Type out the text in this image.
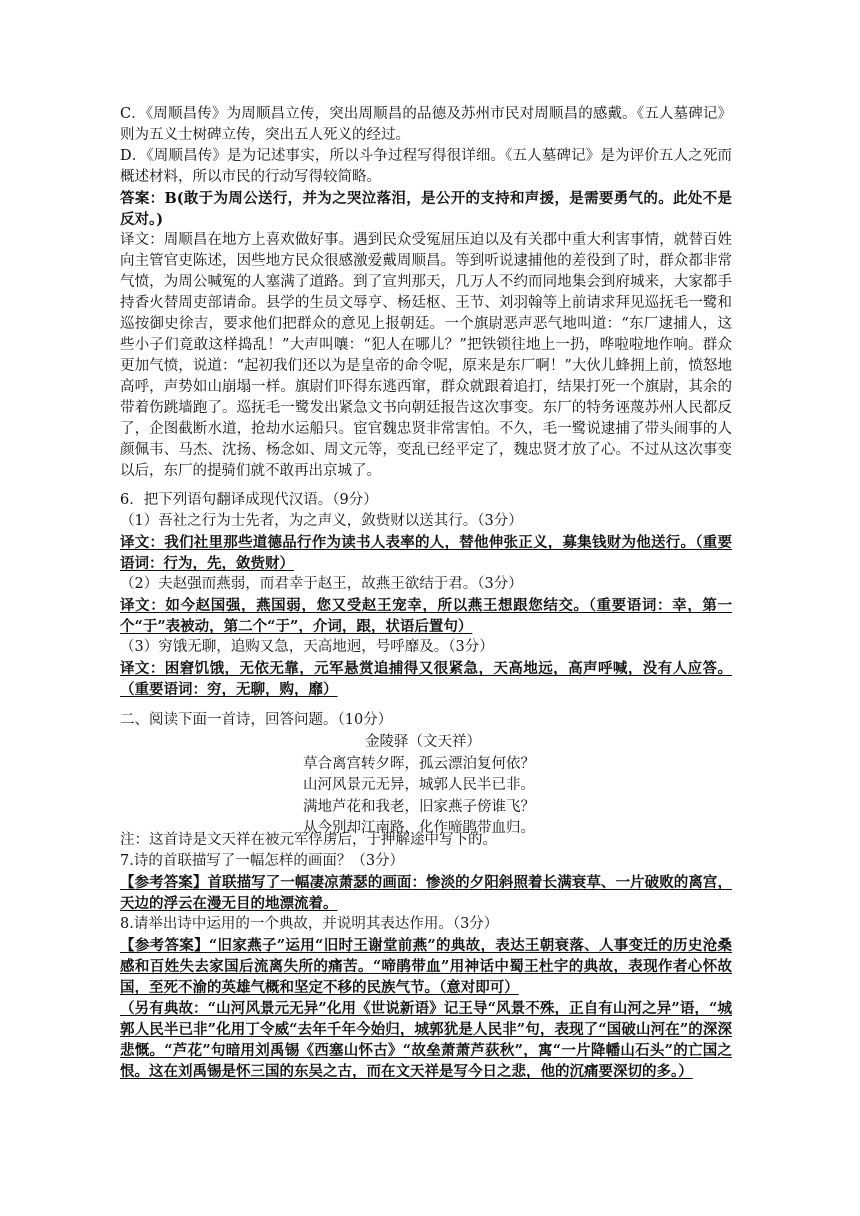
C．《周顺昌传》为周顺昌立传，突出周顺昌的品德及苏州市民对周顺昌的感戴。《五人墓碑记》则为五义士树碑立传，突出五人死义的经过。

D．《周顺昌传》是为记述事实，所以斗争过程写得很详细。《五人墓碑记》是为评价五人之死而概述材料，所以市民的行动写得较简略。

答案：B(敢于为周公送行，并为之哭泣落泪，是公开的支持和声援，是需要勇气的。此处不是反对。)

译文：周顺昌在地方上喜欢做好事。遇到民众受冤屈压迫以及有关郡中重大利害事情，就替百姓向主管官吏陈述，因些地方民众很感激爱戴周顺昌。等到听说逮捕他的差役到了时，群众都非常气愤，为周公喊冤的人塞满了道路。到了宣判那天，几万人不约而同地集会到府城来，大家都手持香火替周吏部请命。县学的生员文辱亨、杨廷枢、王节、刘羽翰等上前请求拜见巡抚毛一鹭和巡按御史徐吉，要求他们把群众的意见上报朝廷。一个旗尉恶声恶气地叫道：“东厂逮捕人，这些小子们竟敢这样捣乱！”大声叫嚷：“犯人在哪儿？”把铁锁往地上一扔，哗啦啦地作响。群众更加气愤，说道：“起初我们还以为是皇帝的命令呢，原来是东厂啊！”大伙儿蜂拥上前，愤怒地高呼，声势如山崩塌一样。旗尉们吓得东逃西窜，群众就跟着追打，结果打死一个旗尉，其余的带着伤跳墙跑了。巡抚毛一鹭发出紧急文书向朝廷报告这次事变。东厂的特务诬蔑苏州人民都反了，企图截断水道，抢劫水运船只。宦官魏忠贤非常害怕。不久，毛一鹭说逮捕了带头闹事的人颜佩韦、马杰、沈扬、杨念如、周文元等，变乱已经平定了，魏忠贤才放了心。不过从这次事变以后，东厂的提骑们就不敢再出京城了。

6．把下列语句翻译成现代汉语。（9分）

（1）吾社之行为士先者，为之声义，敛赀财以送其行。（3分）

译文：我们社里那些道德品行作为读书人表率的人，替他伸张正义，募集钱财为他送行。（重要语词：行为，先，敛赀财）

（2）夫赵强而燕弱，而君幸于赵王，故燕王欲结于君。（3分）

译文：如今赵国强，燕国弱，您又受赵王宠幸，所以燕王想跟您结交。（重要语词：幸，第一个“于”表被动，第二个“于”，介词，跟，状语后置句）

（3）穷饿无聊，追购又急，天高地迥，号呼靡及。（3分）

译文：困窘饥饿，无依无靠，元军悬赏追捕得又很紧急，天高地远，高声呼喊，没有人应答。（重要语词：穷，无聊，购，靡）

二、阅读下面一首诗，回答问题。（10分）

金陵驿（文天祥）

草合离宫转夕晖，孤云漂泊复何依？

山河风景元无异，城郭人民半已非。

满地芦花和我老，旧家燕子傍谁飞？

从今别却江南路，化作啼鹃带血归。

注：这首诗是文天祥在被元军俘虏后，于押解途中写下的。

7.诗的首联描写了一幅怎样的画面？（3分）

【参考答案】首联描写了一幅凄凉萧瑟的画面：惨淡的夕阳斜照着长满衰草、一片破败的离宫，天边的浮云在漫无目的地漂流着。

8.请举出诗中运用的一个典故，并说明其表达作用。（3分）

【参考答案】“旧家燕子”运用“旧时王谢堂前燕”的典故，表达王朝衰落、人事变迁的历史沧桑感和百姓失去家国后流离失所的痛苦。“啼鹃带血”用神话中蜀王杜宇的典故，表现作者心怀故国，至死不渝的英雄气概和坚定不移的民族气节。（意对即可）

（另有典故：“山河风景元无异”化用《世说新语》记王导“风景不殊，正自有山河之异”语，“城郭人民半已非”化用丁令威“去年千年今始归，城郭犹是人民非”句，表现了“国破山河在”的深深悲慨。“芦花”句暗用刘禹锡《西塞山怀古》“故垒萧萧芦荻秋”，寓“一片降幡山石头”的亡国之恨。这在刘禹锡是怀三国的东吴之古，而在文天祥是写今日之悲，他的沉痛要深切的多。）
